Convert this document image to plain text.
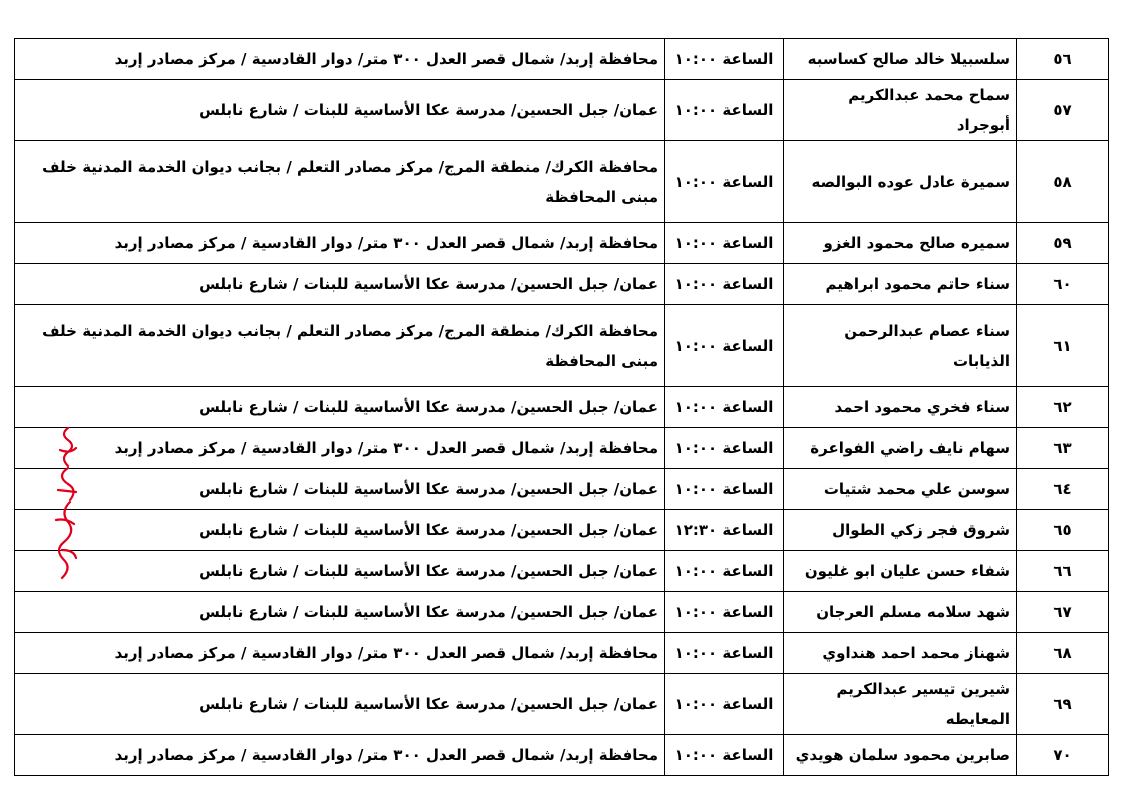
٥٦	سلسبيلا خالد صالح كساسبه	الساعة ١٠:٠٠	محافظة إربد/ شمال قصر العدل ٣٠٠ متر/ دوار القادسية / مركز مصادر إربد
٥٧	سماح محمد عبدالكريم أبوجراد	الساعة ١٠:٠٠	عمان/ جبل الحسين/ مدرسة عكا الأساسية للبنات / شارع نابلس
٥٨	سميرة عادل عوده البوالصه	الساعة ١٠:٠٠	محافظة الكرك/ منطقة المرج/ مركز مصادر التعلم / بجانب ديوان الخدمة المدنية خلف مبنى المحافظة
٥٩	سميره صالح محمود الغزو	الساعة ١٠:٠٠	محافظة إربد/ شمال قصر العدل ٣٠٠ متر/ دوار القادسية / مركز مصادر إربد
٦٠	سناء حاتم محمود ابراهيم	الساعة ١٠:٠٠	عمان/ جبل الحسين/ مدرسة عكا الأساسية للبنات / شارع نابلس
٦١	سناء عصام عبدالرحمن الذيابات	الساعة ١٠:٠٠	محافظة الكرك/ منطقة المرج/ مركز مصادر التعلم / بجانب ديوان الخدمة المدنية خلف مبنى المحافظة
٦٢	سناء فخري محمود احمد	الساعة ١٠:٠٠	عمان/ جبل الحسين/ مدرسة عكا الأساسية للبنات / شارع نابلس
٦٣	سهام نايف راضي الفواعرة	الساعة ١٠:٠٠	محافظة إربد/ شمال قصر العدل ٣٠٠ متر/ دوار القادسية / مركز مصادر إربد
٦٤	سوسن علي محمد شتيات	الساعة ١٠:٠٠	عمان/ جبل الحسين/ مدرسة عكا الأساسية للبنات / شارع نابلس
٦٥	شروق فجر زكي الطوال	الساعة ١٢:٣٠	عمان/ جبل الحسين/ مدرسة عكا الأساسية للبنات / شارع نابلس
٦٦	شفاء حسن عليان ابو غليون	الساعة ١٠:٠٠	عمان/ جبل الحسين/ مدرسة عكا الأساسية للبنات / شارع نابلس
٦٧	شهد سلامه مسلم العرجان	الساعة ١٠:٠٠	عمان/ جبل الحسين/ مدرسة عكا الأساسية للبنات / شارع نابلس
٦٨	شهناز محمد احمد هنداوي	الساعة ١٠:٠٠	محافظة إربد/ شمال قصر العدل ٣٠٠ متر/ دوار القادسية / مركز مصادر إربد
٦٩	شيرين تيسير عبدالكريم المعايطه	الساعة ١٠:٠٠	عمان/ جبل الحسين/ مدرسة عكا الأساسية للبنات / شارع نابلس
٧٠	صابرين محمود سلمان هويدي	الساعة ١٠:٠٠	محافظة إربد/ شمال قصر العدل ٣٠٠ متر/ دوار القادسية / مركز مصادر إربد
